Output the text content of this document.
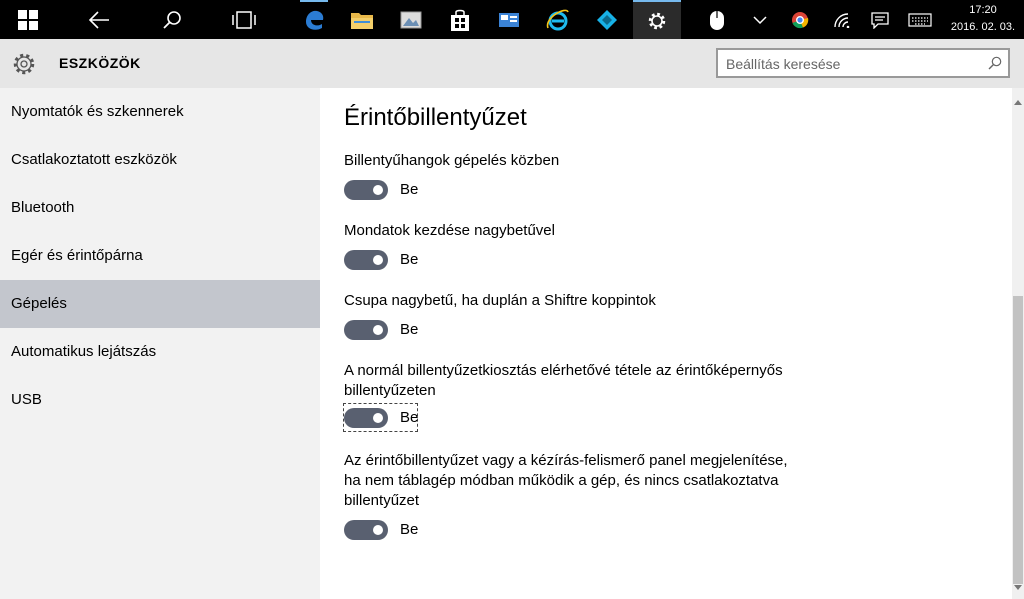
17:20
2016. 02. 03.
ESZKÖZÖK
Beállítás keresése
Nyomtatók és szkennerek
Csatlakoztatott eszközök
Bluetooth
Egér és érintőpárna
Gépelés
Automatikus lejátszás
USB
Érintőbillentyűzet
Billentyűhangok gépelés közben
Be
Mondatok kezdése nagybetűvel
Be
Csupa nagybetű, ha duplán a Shiftre koppintok
Be
A normál billentyűzetkiosztás elérhetővé tétele az érintőképernyős billentyűzeten
Be
Az érintőbillentyűzet vagy a kézírás-felismerő panel megjelenítése, ha nem táblagép módban működik a gép, és nincs csatlakoztatva billentyűzet
Be
